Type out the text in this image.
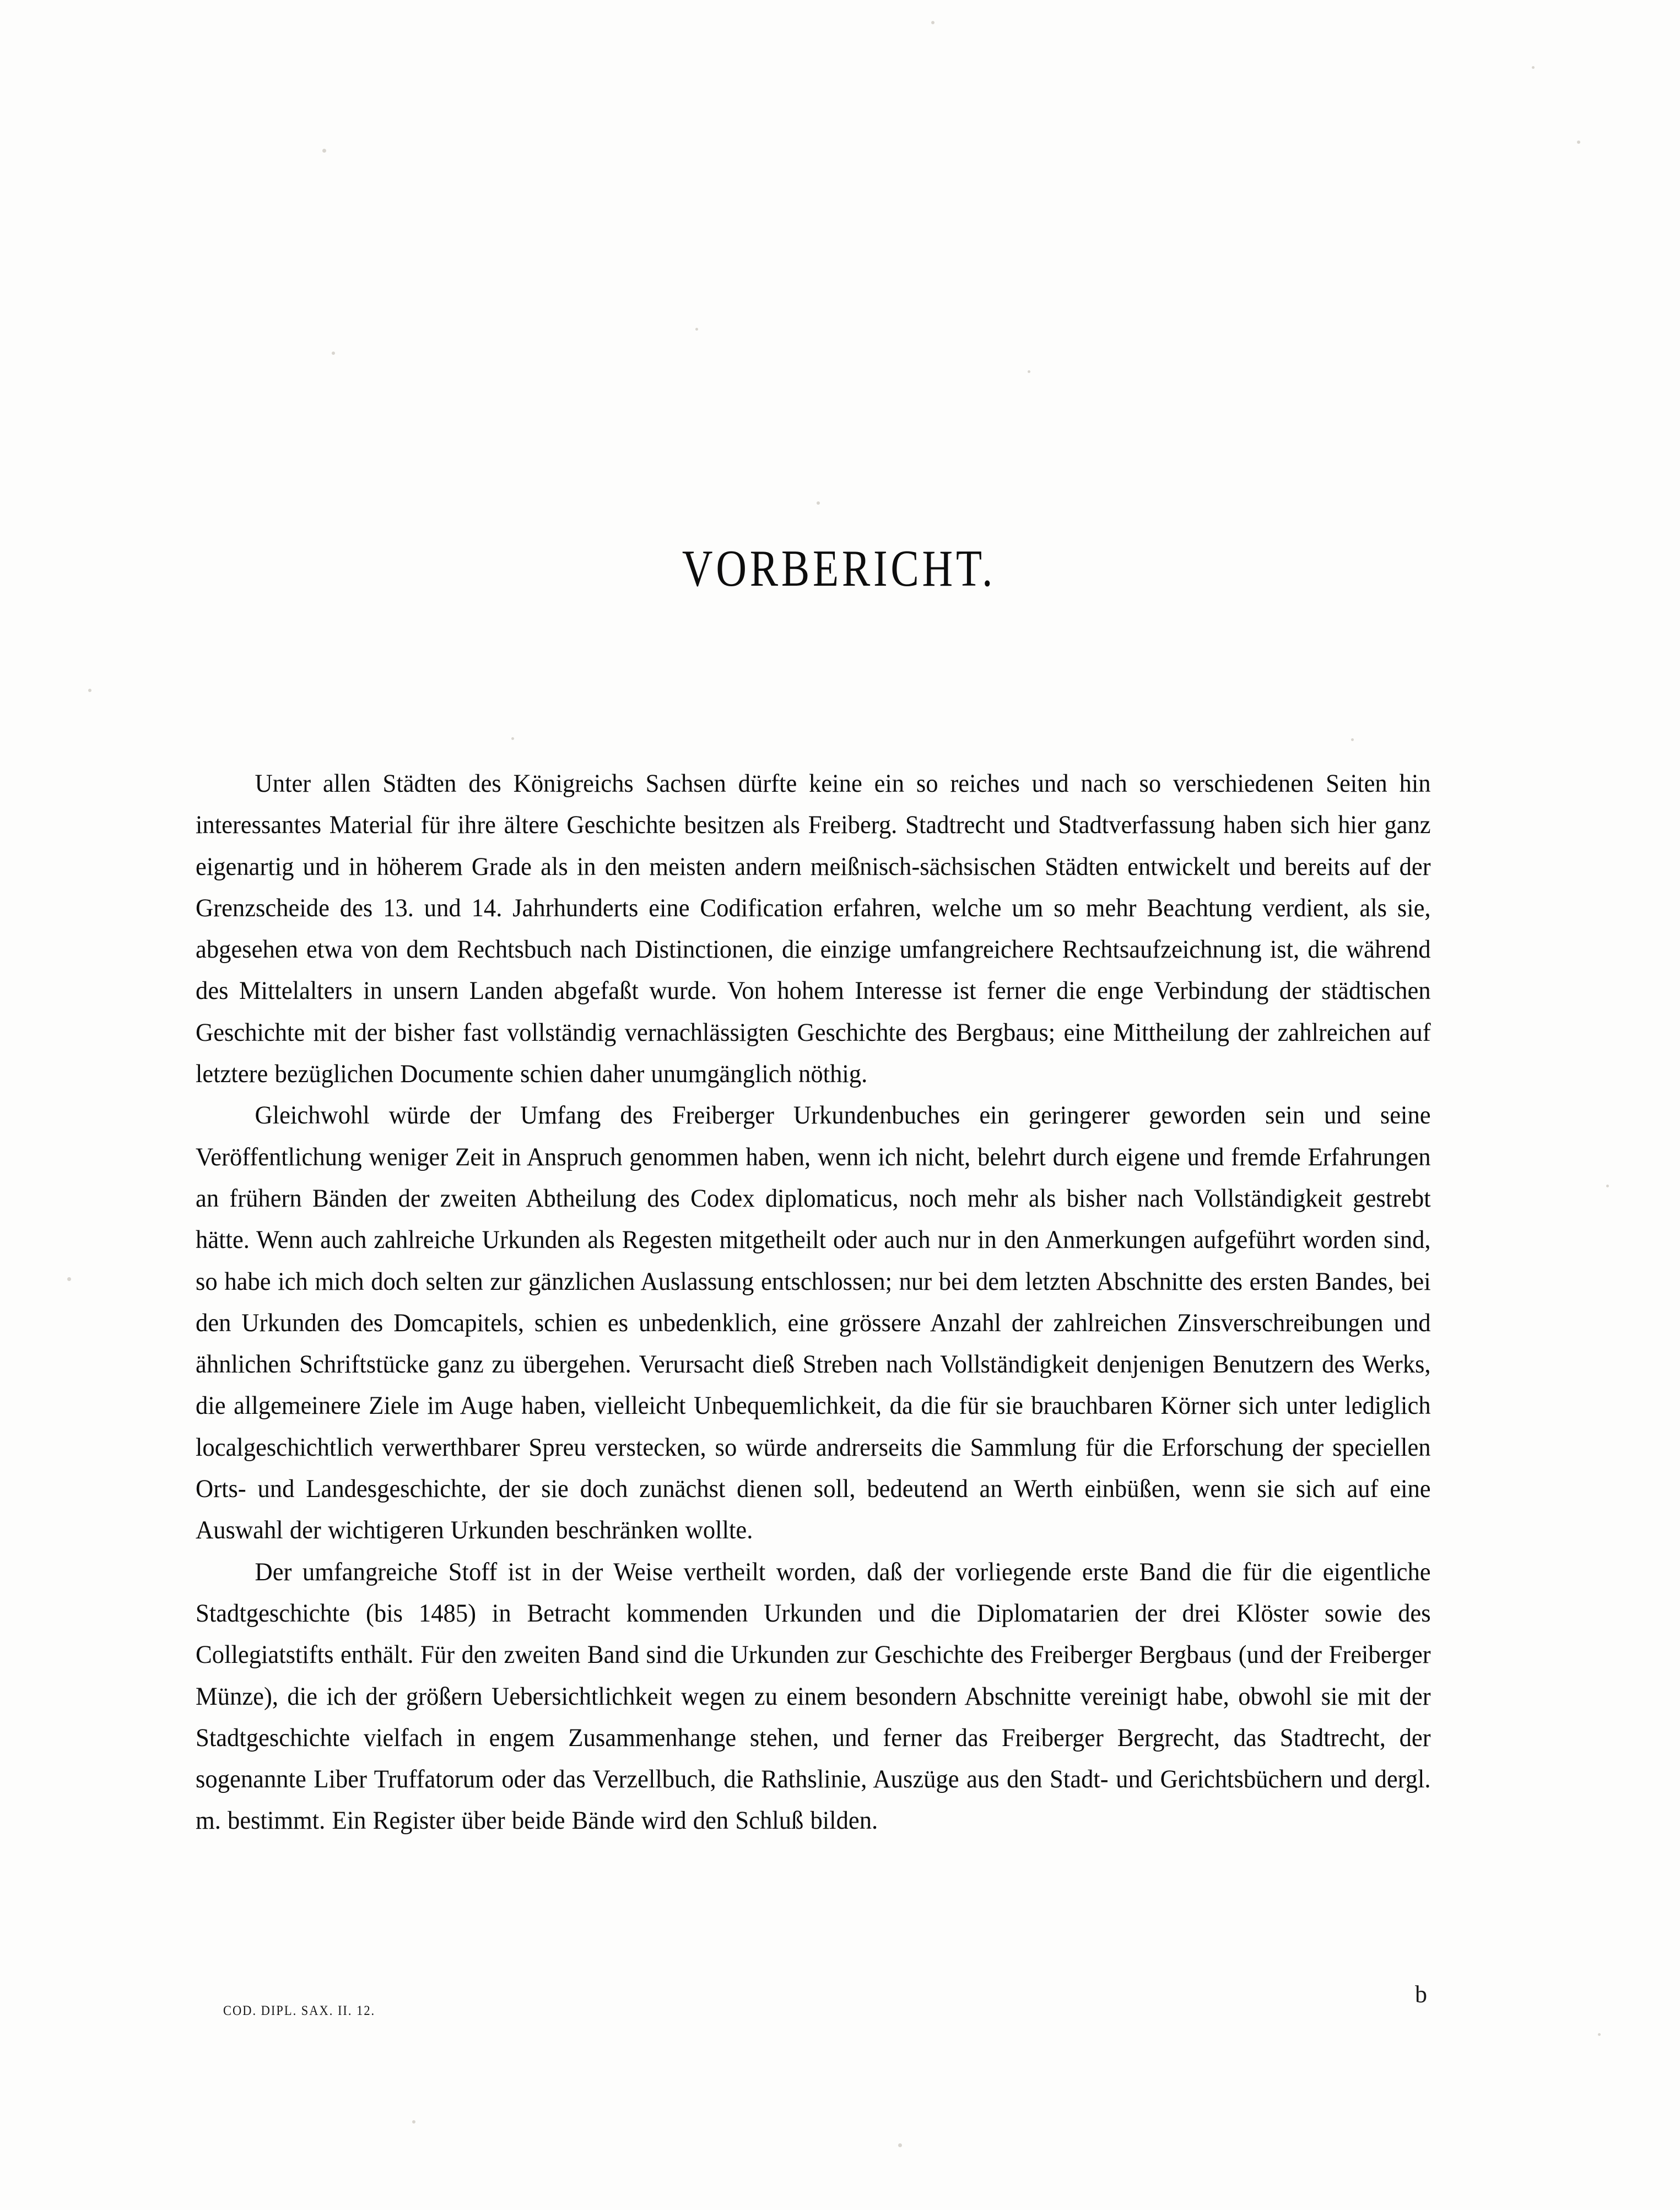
VORBERICHT.

Unter allen Städten des Königreichs Sachsen dürfte keine ein so reiches und nach so verschiedenen Seiten hin interessantes Material für ihre ältere Geschichte besitzen als Freiberg. Stadtrecht und Stadtverfassung haben sich hier ganz eigenartig und in höherem Grade als in den meisten andern meißnisch-sächsischen Städten entwickelt und bereits auf der Grenzscheide des 13. und 14. Jahrhunderts eine Codification erfahren, welche um so mehr Beachtung verdient, als sie, abgesehen etwa von dem Rechtsbuch nach Distinctionen, die einzige umfangreichere Rechtsaufzeichnung ist, die während des Mittelalters in unsern Landen abgefaßt wurde. Von hohem Interesse ist ferner die enge Verbindung der städtischen Geschichte mit der bisher fast vollständig vernachlässigten Geschichte des Bergbaus; eine Mittheilung der zahlreichen auf letztere bezüglichen Documente schien daher unumgänglich nöthig.

Gleichwohl würde der Umfang des Freiberger Urkundenbuches ein geringerer geworden sein und seine Veröffentlichung weniger Zeit in Anspruch genommen haben, wenn ich nicht, belehrt durch eigene und fremde Erfahrungen an frühern Bänden der zweiten Abtheilung des Codex diplomaticus, noch mehr als bisher nach Vollständigkeit gestrebt hätte. Wenn auch zahlreiche Urkunden als Regesten mitgetheilt oder auch nur in den Anmerkungen aufgeführt worden sind, so habe ich mich doch selten zur gänzlichen Auslassung entschlossen; nur bei dem letzten Abschnitte des ersten Bandes, bei den Urkunden des Domcapitels, schien es unbedenklich, eine grössere Anzahl der zahlreichen Zinsverschreibungen und ähnlichen Schriftstücke ganz zu übergehen. Verursacht dieß Streben nach Vollständigkeit denjenigen Benutzern des Werks, die allgemeinere Ziele im Auge haben, vielleicht Unbequemlichkeit, da die für sie brauchbaren Körner sich unter lediglich localgeschichtlich verwerthbarer Spreu verstecken, so würde andrerseits die Sammlung für die Erforschung der speciellen Orts- und Landesgeschichte, der sie doch zunächst dienen soll, bedeutend an Werth einbüßen, wenn sie sich auf eine Auswahl der wichtigeren Urkunden beschränken wollte.

Der umfangreiche Stoff ist in der Weise vertheilt worden, daß der vorliegende erste Band die für die eigentliche Stadtgeschichte (bis 1485) in Betracht kommenden Urkunden und die Diplomatarien der drei Klöster sowie des Collegiatstifts enthält. Für den zweiten Band sind die Urkunden zur Geschichte des Freiberger Bergbaus (und der Freiberger Münze), die ich der größern Uebersichtlichkeit wegen zu einem besondern Abschnitte vereinigt habe, obwohl sie mit der Stadtgeschichte vielfach in engem Zusammenhange stehen, und ferner das Freiberger Bergrecht, das Stadtrecht, der sogenannte Liber Truffatorum oder das Verzellbuch, die Rathslinie, Auszüge aus den Stadt- und Gerichtsbüchern und dergl. m. bestimmt. Ein Register über beide Bände wird den Schluß bilden.

COD. DIPL. SAX. II. 12.
b
